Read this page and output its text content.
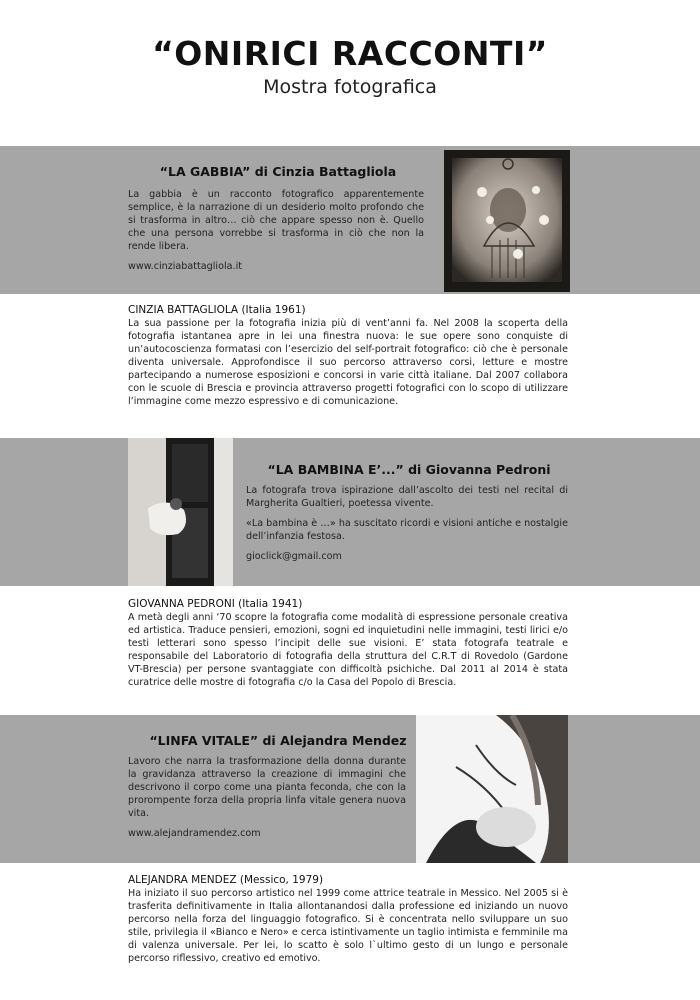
“ONIRICI RACCONTI”
Mostra fotografica
“LA GABBIA” di Cinzia Battagliola

La gabbia è un racconto fotografico apparentemente semplice, è la narrazione di un desiderio molto profondo che si trasforma in altro… ciò che appare spesso non è. Quello che una persona vorrebbe si trasforma in ciò che non la rende libera.

www.cinziabattagliola.it

CINZIA BATTAGLIOLA (Italia 1961)

La sua passione per la fotografia inizia più di vent’anni fa. Nel 2008 la scoperta della fotografia istantanea apre in lei una finestra nuova: le sue opere sono conquiste di un’autocoscienza formatasi con l’esercizio del self-portrait fotografico: ciò che è personale diventa universale. Approfondisce il suo percorso attraverso corsi, letture e mostre partecipando a numerose esposizioni e concorsi in varie città italiane. Dal 2007 collabora con le scuole di Brescia e provincia attraverso progetti fotografici con lo scopo di utilizzare l’immagine come mezzo espressivo e di comunicazione.

“LA BAMBINA E’...” di Giovanna Pedroni

La fotografa trova ispirazione dall’ascolto dei testi nel recital di Margherita Gualtieri, poetessa vivente.

«La bambina è …» ha suscitato ricordi e visioni antiche e nostalgie dell’infanzia festosa.

gioclick@gmail.com

GIOVANNA PEDRONI (Italia 1941)

A metà degli anni ‘70 scopre la fotografia come modalità di espressione personale creativa ed artistica. Traduce pensieri, emozioni, sogni ed inquietudini nelle immagini, testi lirici e/o testi letterari sono spesso l’incipit delle sue visioni. E’ stata fotografa teatrale e responsabile del Laboratorio di fotografia della struttura del C.R.T di Rovedolo (Gardone VT-Brescia) per persone svantaggiate con difficoltà psichiche. Dal 2011 al 2014 è stata curatrice delle mostre di fotografia c/o la Casa del Popolo di Brescia.

“LINFA VITALE” di Alejandra Mendez

Lavoro che narra la trasformazione della donna durante la gravidanza attraverso la creazione di immagini che descrivono il corpo come una pianta feconda, che con la prorompente forza della propria linfa vitale genera nuova vita.

www.alejandramendez.com

ALEJANDRA MENDEZ (Messico, 1979)

Ha iniziato il suo percorso artistico nel 1999 come attrice teatrale in Messico. Nel 2005 si è trasferita definitivamente in Italia allontanandosi dalla professione ed iniziando un nuovo percorso nella forza del linguaggio fotografico. Si è concentrata nello sviluppare un suo stile, privilegia il «Bianco e Nero» e cerca istintivamente un taglio intimista e femminile ma di valenza universale. Per lei, lo scatto è solo l`ultimo gesto di un lungo e personale percorso riflessivo, creativo ed emotivo.
